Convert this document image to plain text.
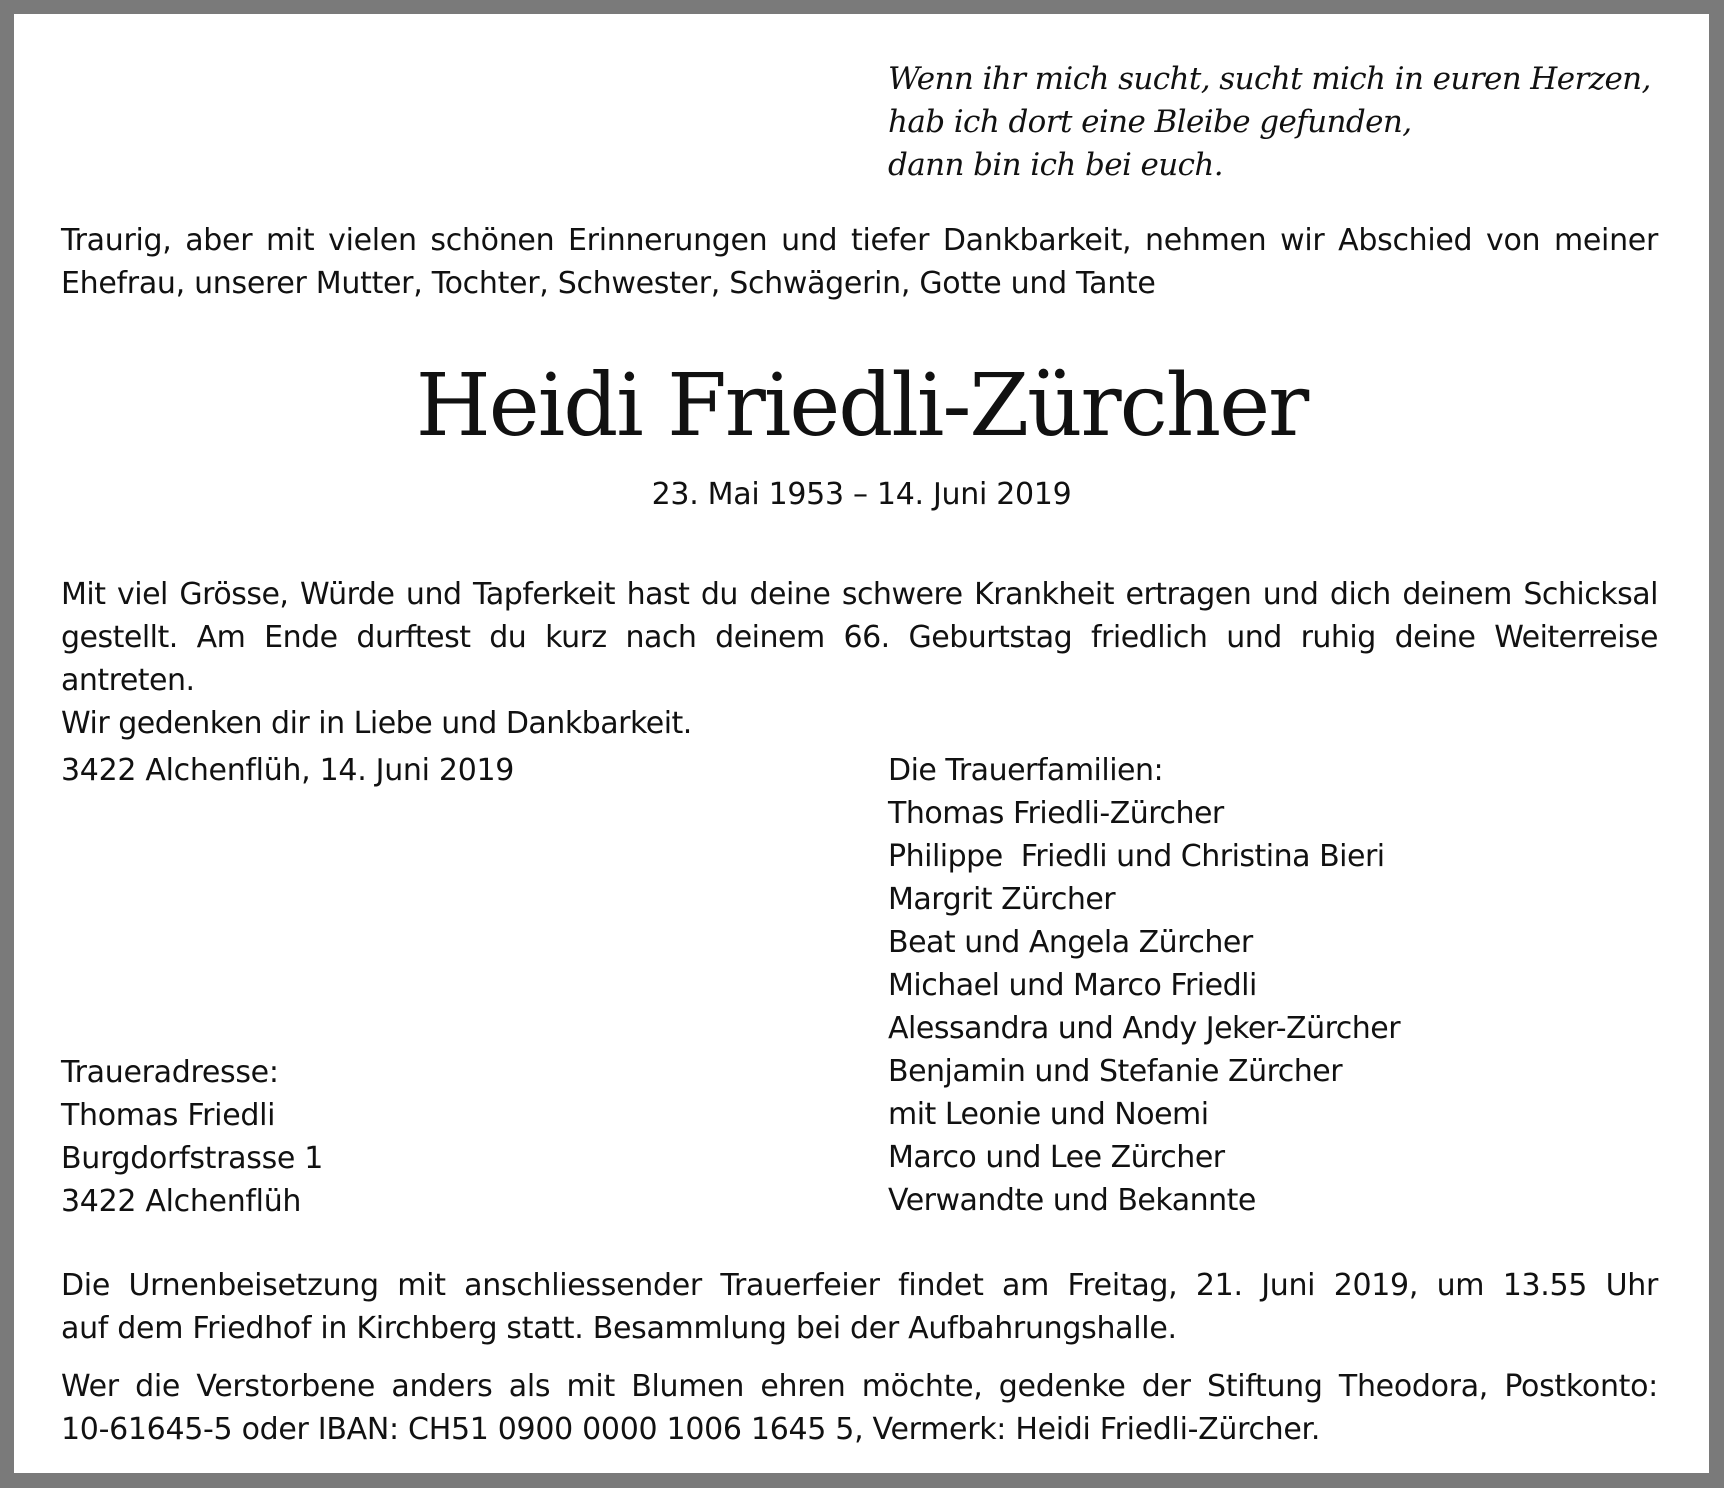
Wenn ihr mich sucht, sucht mich in euren Herzen,
hab ich dort eine Bleibe gefunden,
dann bin ich bei euch.
Traurig, aber mit vielen schönen Erinnerungen und tiefer Dankbarkeit, nehmen wir Abschied von meiner
Ehefrau, unserer Mutter, Tochter, Schwester, Schwägerin, Gotte und Tante
Heidi Friedli-Zürcher
23. Mai 1953 – 14. Juni 2019
Mit viel Grösse, Würde und Tapferkeit hast du deine schwere Krankheit ertragen und dich deinem Schicksal
gestellt. Am Ende durftest du kurz nach deinem 66. Geburtstag friedlich und ruhig deine Weiterreise antreten.
Wir gedenken dir in Liebe und Dankbarkeit.
3422 Alchenflüh, 14. Juni 2019	Die Trauerfamilien:
Thomas Friedli-Zürcher
Philippe  Friedli und Christina Bieri
Margrit Zürcher
Beat und Angela Zürcher
Michael und Marco Friedli
Alessandra und Andy Jeker-Zürcher
Benjamin und Stefanie Zürcher
mit Leonie und Noemi
Marco und Lee Zürcher
Verwandte und Bekannte
Traueradresse:
Thomas Friedli
Burgdorfstrasse 1
3422 Alchenflüh
Die Urnenbeisetzung mit anschliessender Trauerfeier findet am Freitag, 21. Juni 2019, um 13.55 Uhr
auf dem Friedhof in Kirchberg statt. Besammlung bei der Aufbahrungshalle.
Wer die Verstorbene anders als mit Blumen ehren möchte, gedenke der Stiftung Theodora, Postkonto:
10-61645-5 oder IBAN: CH51 0900 0000 1006 1645 5, Vermerk: Heidi Friedli-Zürcher.
